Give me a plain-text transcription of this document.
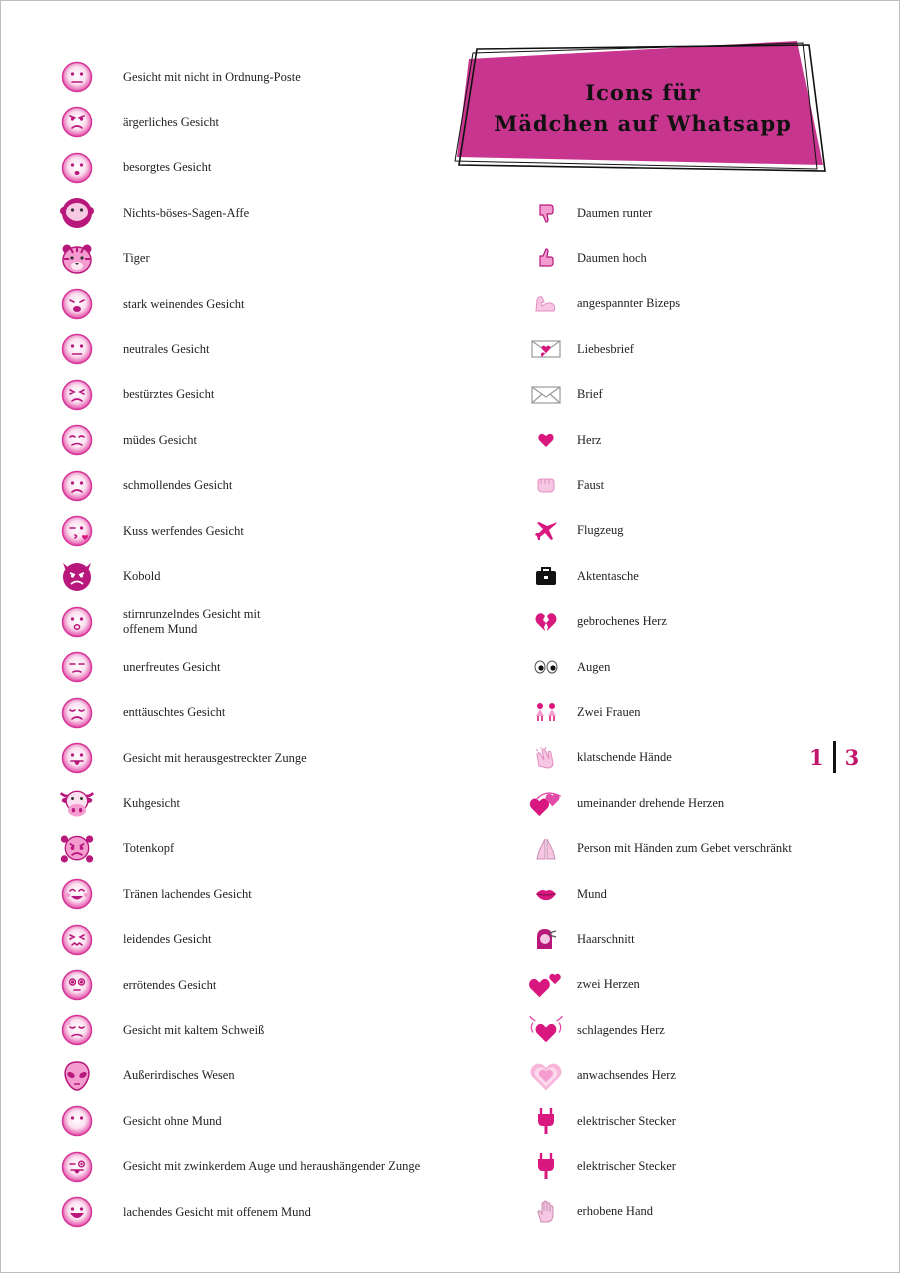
Icons für
Mädchen auf Whatsapp
Gesicht mit nicht in Ordnung-Poste
ärgerliches Gesicht
besorgtes Gesicht
Nichts-böses-Sagen-Affe
Tiger
stark weinendes Gesicht
neutrales Gesicht
bestürztes Gesicht
müdes Gesicht
schmollendes Gesicht
Kuss werfendes Gesicht
Kobold
stirnrunzelndes Gesicht mit
offenem Mund
unerfreutes Gesicht
enttäuschtes Gesicht
Gesicht mit herausgestreckter Zunge
Kuhgesicht
Totenkopf
Tränen lachendes Gesicht
leidendes Gesicht
errötendes Gesicht
Gesicht mit kaltem Schweiß
Außerirdisches Wesen
Gesicht ohne Mund
Gesicht mit zwinkerdem Auge und heraushängender Zunge
lachendes Gesicht mit offenem Mund
Daumen runter
Daumen hoch
angespannter Bizeps
Liebesbrief
Brief
Herz
Faust
Flugzeug
Aktentasche
gebrochenes Herz
Augen
Zwei Frauen
klatschende Hände
umeinander drehende Herzen
Person mit Händen zum Gebet verschränkt
Mund
Haarschnitt
zwei Herzen
schlagendes Herz
anwachsendes Herz
elektrischer Stecker
elektrischer Stecker
erhobene Hand
1 3
